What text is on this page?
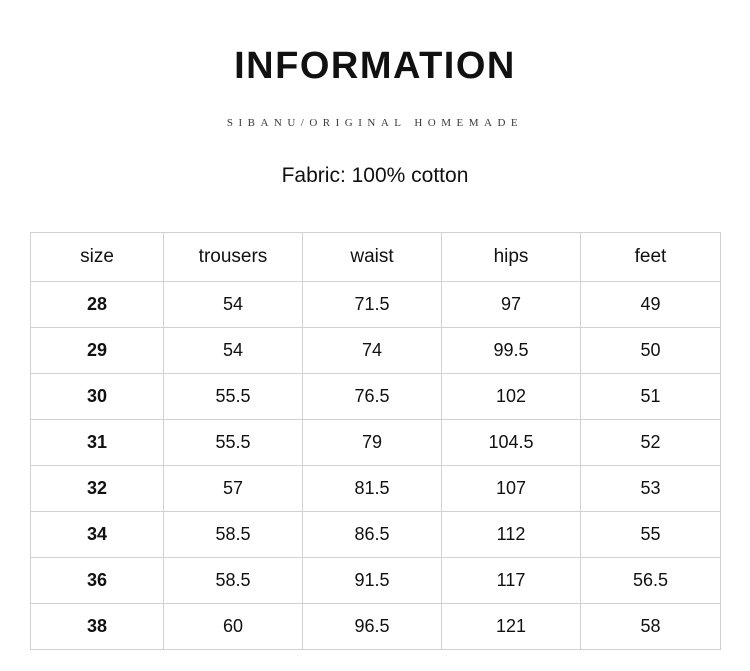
INFORMATION
SIBANU/ORIGINAL HOMEMADE
Fabric: 100% cotton
size	trousers	waist	hips	feet
28	54	71.5	97	49
29	54	74	99.5	50
30	55.5	76.5	102	51
31	55.5	79	104.5	52
32	57	81.5	107	53
34	58.5	86.5	112	55
36	58.5	91.5	117	56.5
38	60	96.5	121	58
